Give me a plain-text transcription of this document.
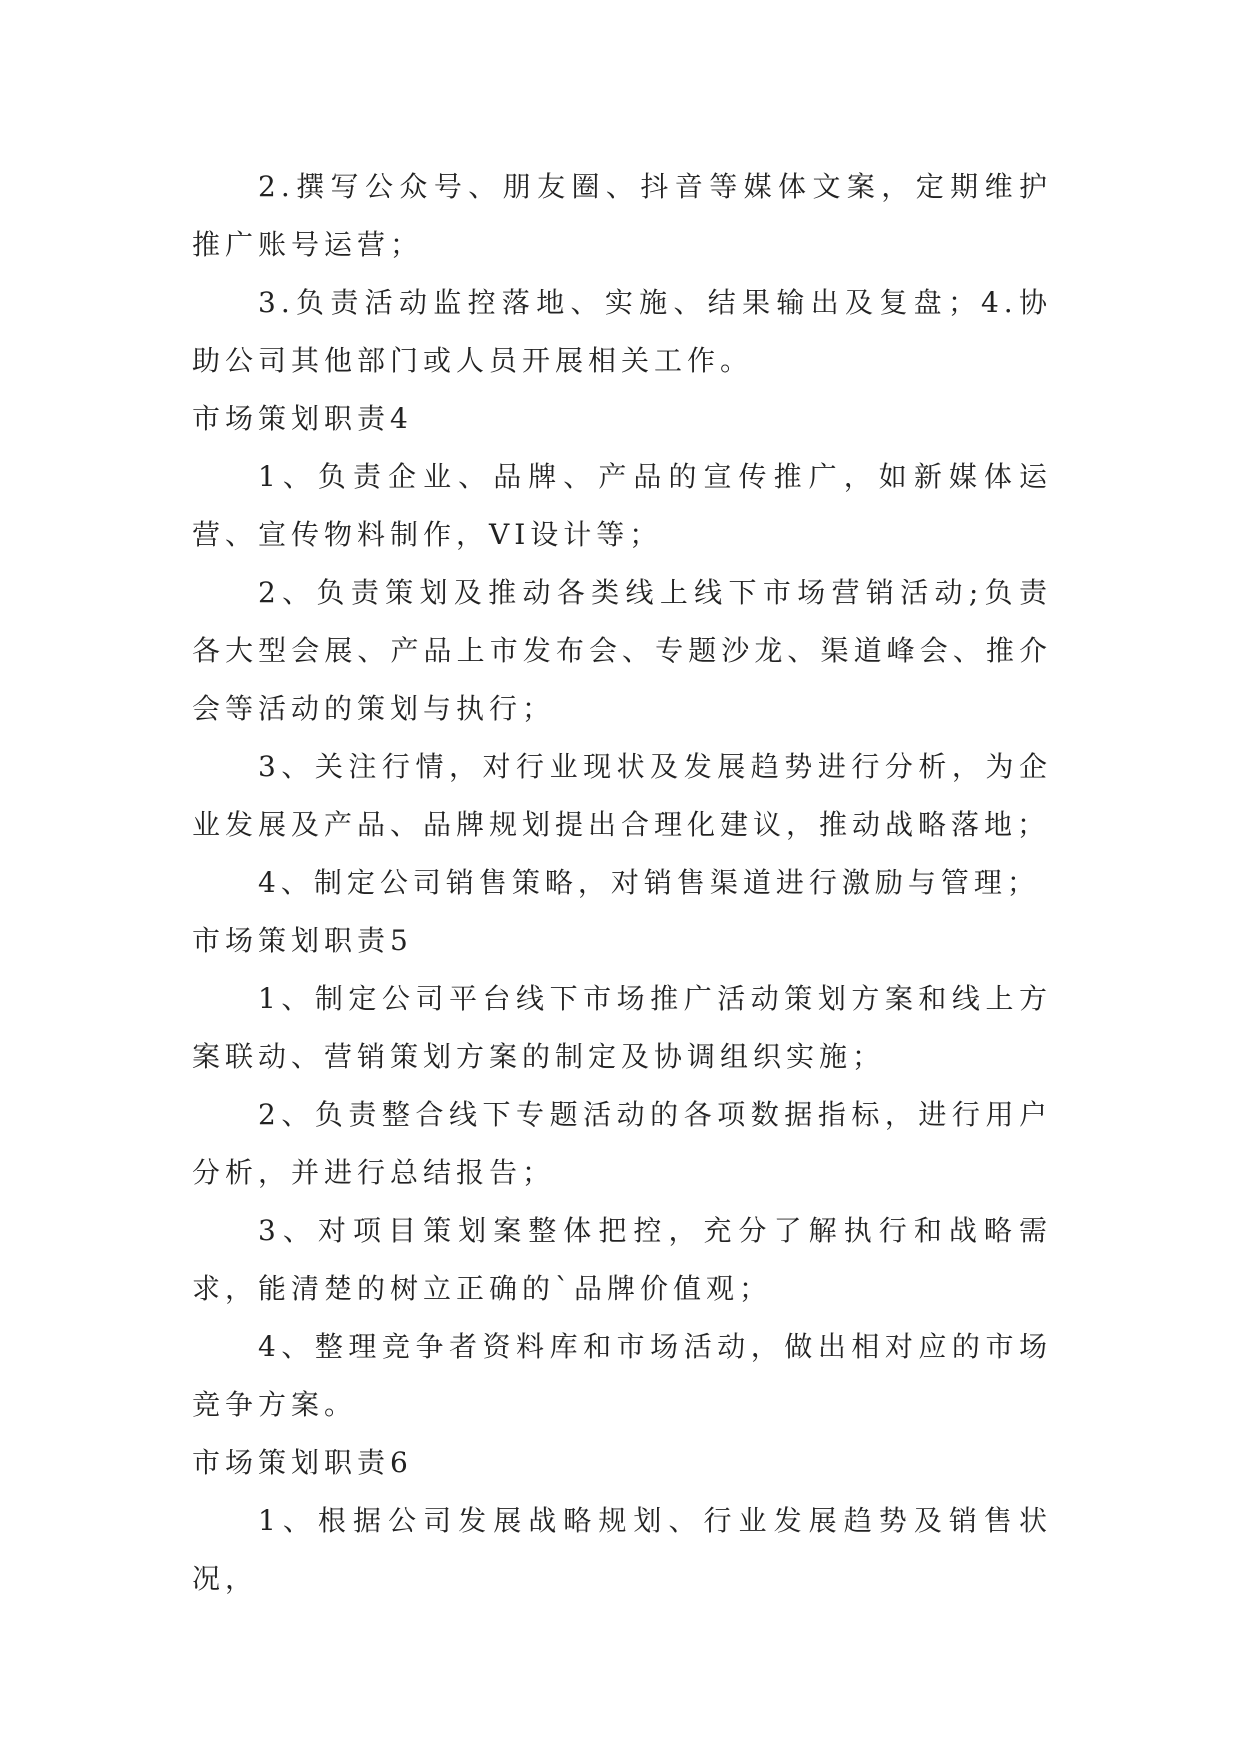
2.撰写公众号、朋友圈、抖音等媒体文案，定期维护推广账号运营；

3.负责活动监控落地、实施、结果输出及复盘；4.协助公司其他部门或人员开展相关工作。

市场策划职责4

1、负责企业、品牌、产品的宣传推广，如新媒体运营、宣传物料制作，VI设计等；

2、负责策划及推动各类线上线下市场营销活动;负责各大型会展、产品上市发布会、专题沙龙、渠道峰会、推介会等活动的策划与执行；

3、关注行情，对行业现状及发展趋势进行分析，为企业发展及产品、品牌规划提出合理化建议，推动战略落地；

4、制定公司销售策略，对销售渠道进行激励与管理；

市场策划职责5

1、制定公司平台线下市场推广活动策划方案和线上方案联动、营销策划方案的制定及协调组织实施；

2、负责整合线下专题活动的各项数据指标，进行用户分析，并进行总结报告；

3、对项目策划案整体把控，充分了解执行和战略需求，能清楚的树立正确的`品牌价值观；

4、整理竞争者资料库和市场活动，做出相对应的市场竞争方案。

市场策划职责6

1、根据公司发展战略规划、行业发展趋势及销售状况，
